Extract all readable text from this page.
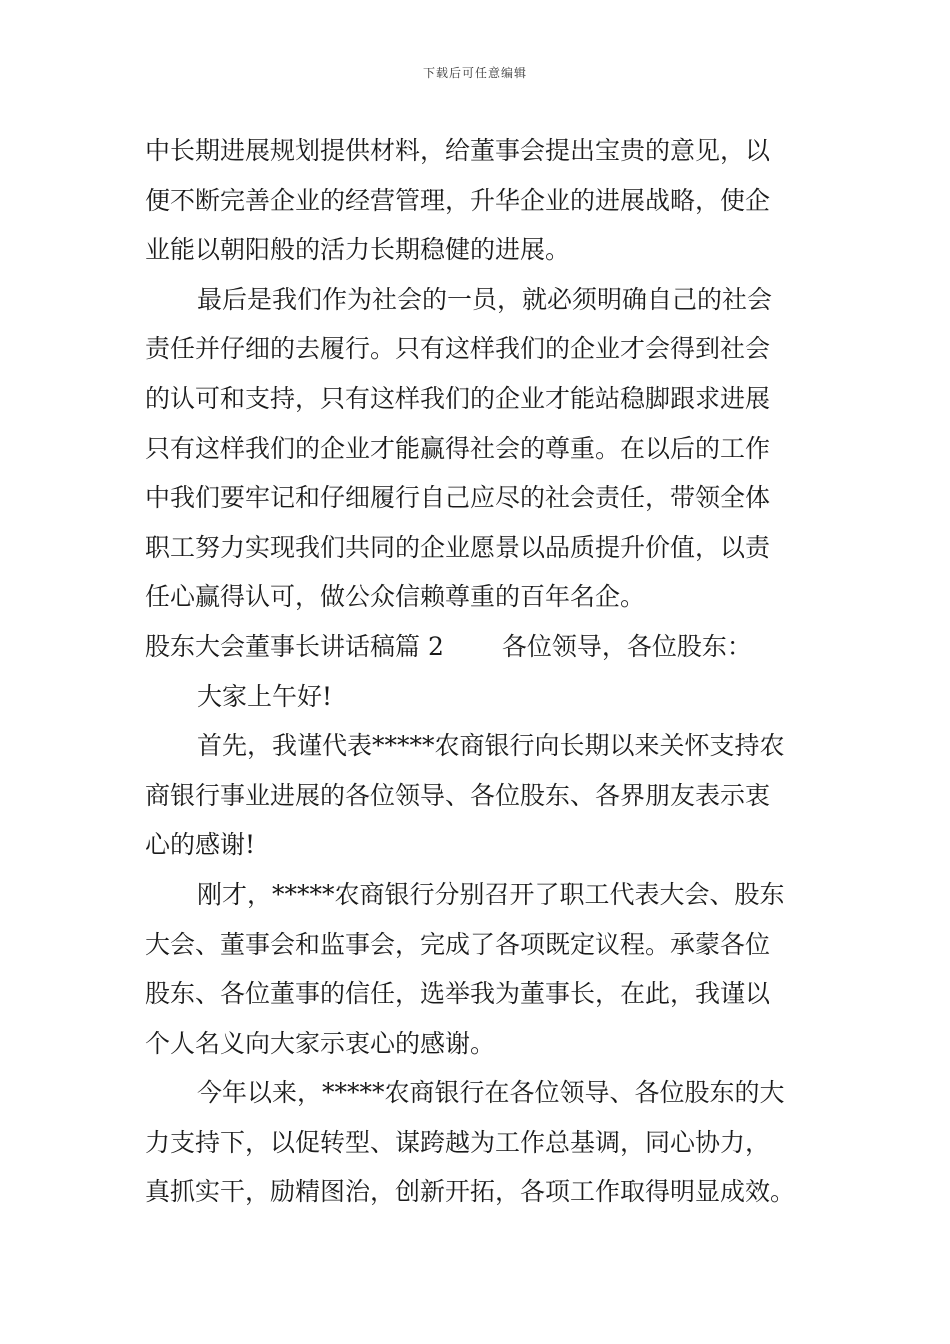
下载后可任意编辑
中长期进展规划提供材料，给董事会提出宝贵的意见，以
便不断完善企业的经营管理，升华企业的进展战略，使企
业能以朝阳般的活力长期稳健的进展。
最后是我们作为社会的一员，就必须明确自己的社会
责任并仔细的去履行。只有这样我们的企业才会得到社会
的认可和支持，只有这样我们的企业才能站稳脚跟求进展
只有这样我们的企业才能赢得社会的尊重。在以后的工作
中我们要牢记和仔细履行自己应尽的社会责任，带领全体
职工努力实现我们共同的企业愿景以品质提升价值，以责
任心赢得认可，做公众信赖尊重的百年名企。
股东大会董事长讲话稿篇 2 各位领导，各位股东：
大家上午好!
首先，我谨代表*****农商银行向长期以来关怀支持农
商银行事业进展的各位领导、各位股东、各界朋友表示衷
心的感谢!
刚才，*****农商银行分别召开了职工代表大会、股东
大会、董事会和监事会，完成了各项既定议程。承蒙各位
股东、各位董事的信任，选举我为董事长，在此，我谨以
个人名义向大家示衷心的感谢。
今年以来，*****农商银行在各位领导、各位股东的大
力支持下，以促转型、谋跨越为工作总基调，同心协力，
真抓实干，励精图治，创新开拓，各项工作取得明显成效。
